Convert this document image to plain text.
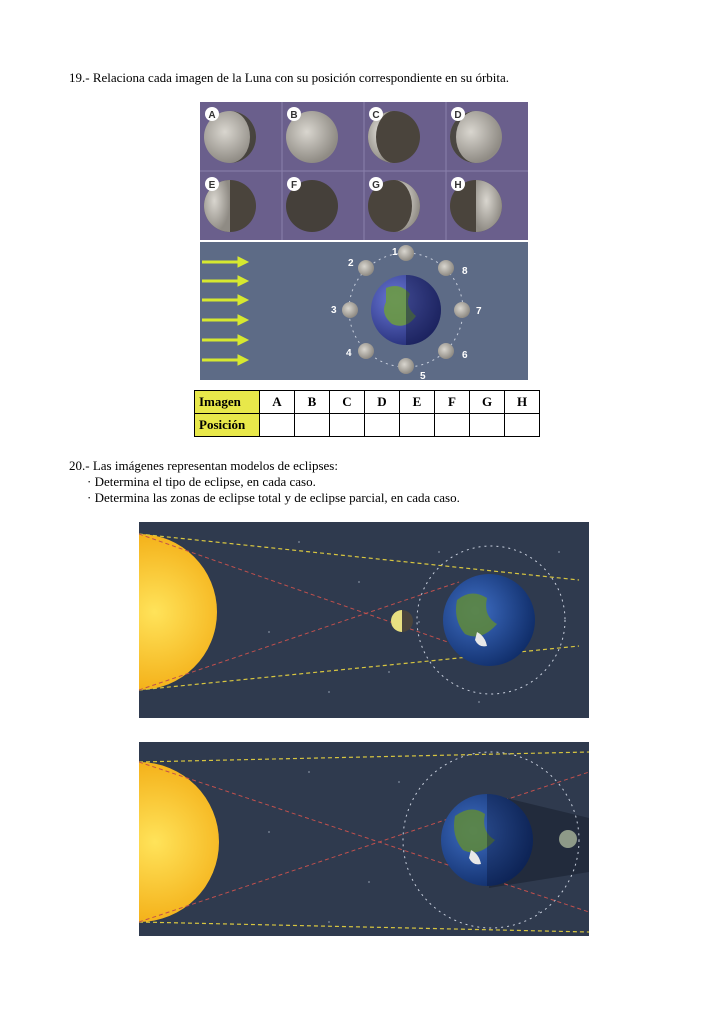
19.- Relaciona cada imagen de la Luna con su posición correspondiente en su órbita.
A	B	C	D
E	F	G	H
1
2
3
4
5
6
7
8
Imagen	A	B	C	D	E	F	G	H
Posición								
20.- Las imágenes representan modelos de eclipses:
· Determina el tipo de eclipse, en cada caso.
· Determina las zonas de eclipse total y de eclipse parcial, en cada caso.
